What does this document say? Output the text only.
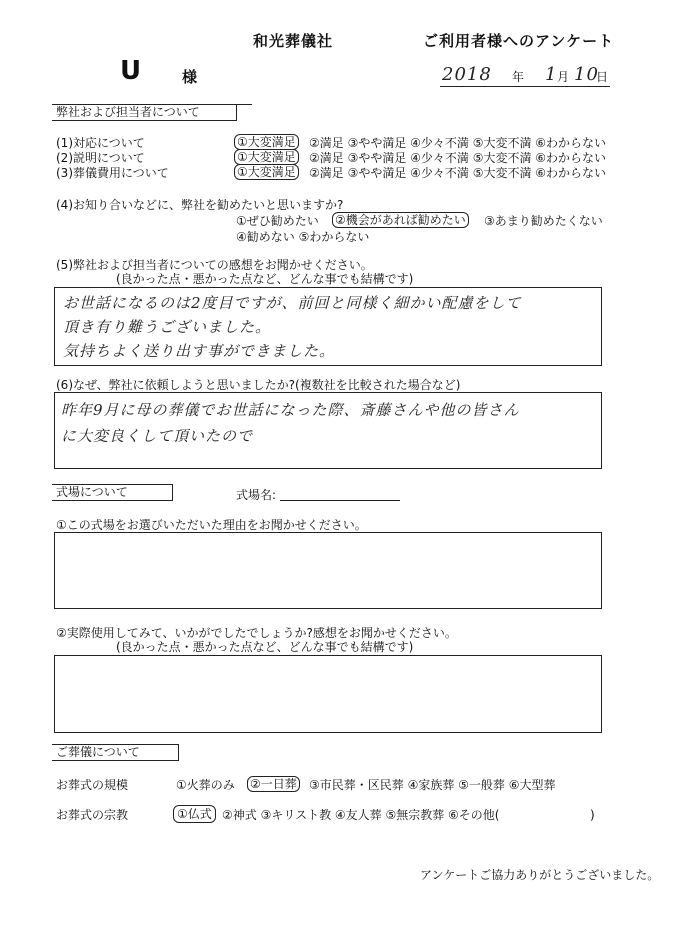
和光葬儀社	ご利用者様へのアンケート
U	様	2018 年 1 月 10
日
弊社および担当者について
(1)対応について	①大変満足 ②満足 ③やや満足 ④少々不満 ⑤大変不満 ⑥わからない
(2)説明について	①大変満足 ②満足 ③やや満足 ④少々不満 ⑤大変不満 ⑥わからない
(3)葬儀費用について	①大変満足 ②満足 ③やや満足 ④少々不満 ⑤大変不満 ⑥わからない
(4)お知り合いなどに、弊社を勧めたいと思いますか?
①ぜひ勧めたい ②機会があれば勧めたい ③あまり勧めたくない
④勧めない ⑤わからない
(5)弊社および担当者についての感想をお聞かせください。
(良かった点・悪かった点など、どんな事でも結構です)
お世話になるのは2度目ですが、前回と同様く細かい配慮をして
頂き有り難うございました。
気持ちよく送り出す事ができました。
(6)なぜ、弊社に依頼しようと思いましたか?(複数社を比較された場合など)
昨年9月に母の葬儀でお世話になった際、斎藤さんや他の皆さん
に大変良くして頂いたので
式場について	式場名:
①この式場をお選びいただいた理由をお聞かせください。
②実際使用してみて、いかがでしたでしょうか?感想をお聞かせください。
(良かった点・悪かった点など、どんな事でも結構です)
ご葬儀について
お葬式の規模	①火葬のみ ②一日葬 ③市民葬・区民葬 ④家族葬 ⑤一般葬 ⑥大型葬
お葬式の宗教	①仏式 ②神式 ③キリスト教 ④友人葬 ⑤無宗教葬 ⑥その他(	)
アンケートご協力ありがとうございました。
